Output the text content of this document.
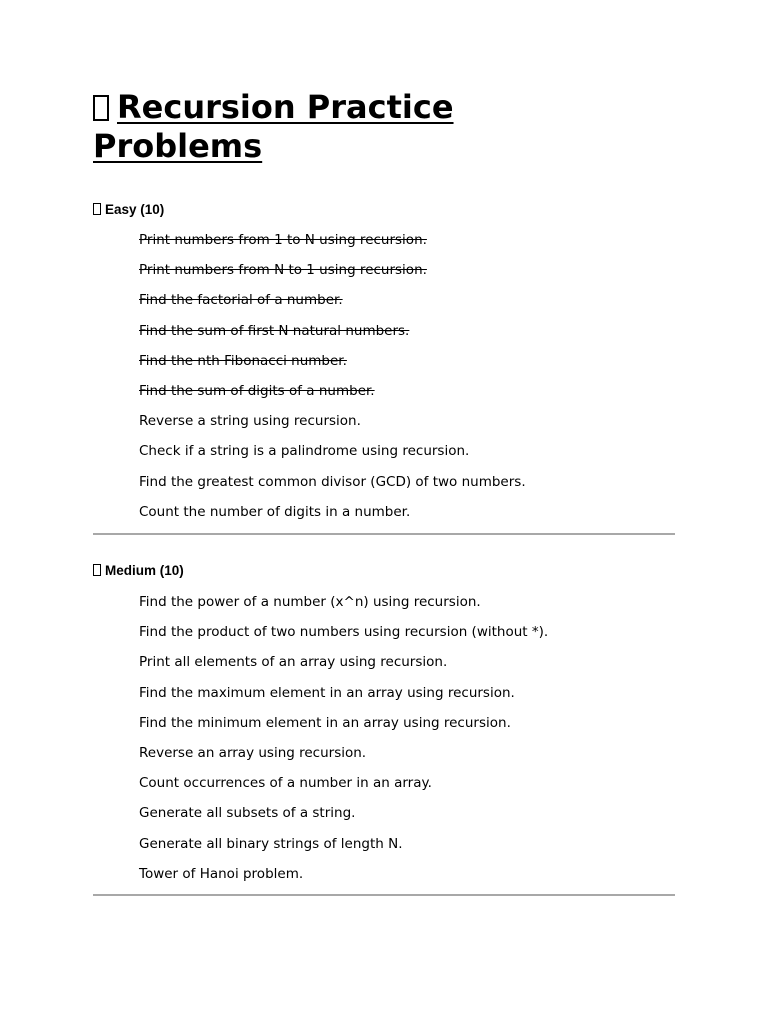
Recursion Practice Problems
Easy (10)
Print numbers from 1 to N using recursion.
Print numbers from N to 1 using recursion.
Find the factorial of a number.
Find the sum of first N natural numbers.
Find the nth Fibonacci number.
Find the sum of digits of a number.
Reverse a string using recursion.
Check if a string is a palindrome using recursion.
Find the greatest common divisor (GCD) of two numbers.
Count the number of digits in a number.
Medium (10)
Find the power of a number (x^n) using recursion.
Find the product of two numbers using recursion (without *).
Print all elements of an array using recursion.
Find the maximum element in an array using recursion.
Find the minimum element in an array using recursion.
Reverse an array using recursion.
Count occurrences of a number in an array.
Generate all subsets of a string.
Generate all binary strings of length N.
Tower of Hanoi problem.
